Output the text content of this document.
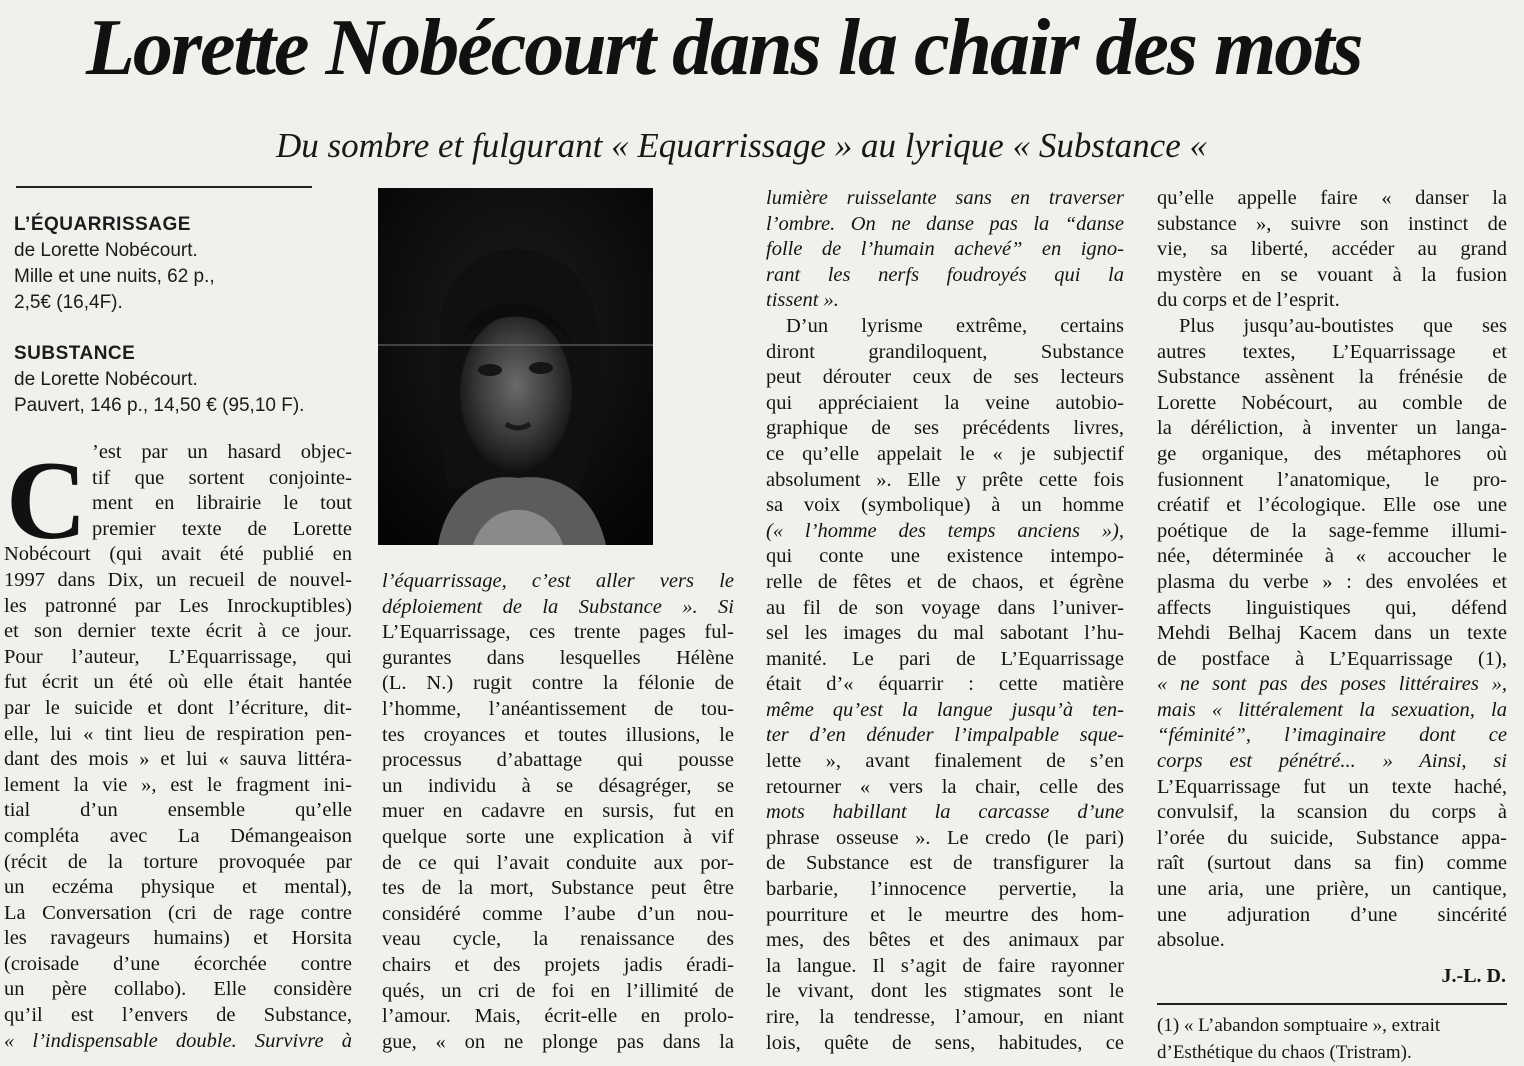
Lorette Nobécourt dans la chair des mots
Du sombre et fulgurant « Equarrissage » au lyrique « Substance «
L’ÉQUARRISSAGE
de Lorette Nobécourt.
Mille et une nuits, 62 p.,
2,5€ (16,4F).
SUBSTANCE
de Lorette Nobécourt.
Pauvert, 146 p., 14,50 € (95,10 F).
C ’est par un hasard objec-

tif que sortent conjointe-

ment en librairie le tout

premier texte de Lorette

Nobécourt (qui avait été publié en

1997 dans Dix, un recueil de nouvel-

les patronné par Les Inrockuptibles)

et son dernier texte écrit à ce jour.

Pour l’auteur, L’Equarrissage, qui

fut écrit un été où elle était hantée

par le suicide et dont l’écriture, dit-

elle, lui « tint lieu de respiration pen-

dant des mois » et lui « sauva littéra-

lement la vie », est le fragment ini-

tial d’un ensemble qu’elle

compléta avec La Démangeaison

(récit de la torture provoquée par

un eczéma physique et mental),

La Conversation (cri de rage contre

les ravageurs humains) et Horsita

(croisade d’une écorchée contre

un père collabo). Elle considère

qu’il est l’envers de Substance,

« l’indispensable double. Survivre à

l’équarrissage, c’est aller vers le

déploiement de la Substance ». Si

L’Equarrissage, ces trente pages ful-

gurantes dans lesquelles Hélène

(L. N.) rugit contre la félonie de

l’homme, l’anéantissement de tou-

tes croyances et toutes illusions, le

processus d’abattage qui pousse

un individu à se désagréger, se

muer en cadavre en sursis, fut en

quelque sorte une explication à vif

de ce qui l’avait conduite aux por-

tes de la mort, Substance peut être

considéré comme l’aube d’un nou-

veau cycle, la renaissance des

chairs et des projets jadis éradi-

qués, un cri de foi en l’illimité de

l’amour. Mais, écrit-elle en prolo-

gue, « on ne plonge pas dans la

lumière ruisselante sans en traverser

l’ombre. On ne danse pas la “danse

folle de l’humain achevé” en igno-

rant les nerfs foudroyés qui la

tissent ».

D’un lyrisme extrême, certains

diront grandiloquent, Substance

peut dérouter ceux de ses lecteurs

qui appréciaient la veine autobio-

graphique de ses précédents livres,

ce qu’elle appelait le « je subjectif

absolument ». Elle y prête cette fois

sa voix (symbolique) à un homme

(« l’homme des temps anciens »),

qui conte une existence intempo-

relle de fêtes et de chaos, et égrène

au fil de son voyage dans l’univer-

sel les images du mal sabotant l’hu-

manité. Le pari de L’Equarrissage

était d’« équarrir : cette matière

même qu’est la langue jusqu’à ten-

ter d’en dénuder l’impalpable sque-

lette », avant finalement de s’en

retourner « vers la chair, celle des

mots habillant la carcasse d’une

phrase osseuse ». Le credo (le pari)

de Substance est de transfigurer la

barbarie, l’innocence pervertie, la

pourriture et le meurtre des hom-

mes, des bêtes et des animaux par

la langue. Il s’agit de faire rayonner

le vivant, dont les stigmates sont le

rire, la tendresse, l’amour, en niant

lois, quête de sens, habitudes, ce

qu’elle appelle faire « danser la

substance », suivre son instinct de

vie, sa liberté, accéder au grand

mystère en se vouant à la fusion

du corps et de l’esprit.

Plus jusqu’au-boutistes que ses

autres textes, L’Equarrissage et

Substance assènent la frénésie de

Lorette Nobécourt, au comble de

la déréliction, à inventer un langa-

ge organique, des métaphores où

fusionnent l’anatomique, le pro-

créatif et l’écologique. Elle ose une

poétique de la sage-femme illumi-

née, déterminée à « accoucher le

plasma du verbe » : des envolées et

affects linguistiques qui, défend

Mehdi Belhaj Kacem dans un texte

de postface à L’Equarrissage (1),

« ne sont pas des poses littéraires »,

mais « littéralement la sexuation, la

“féminité”, l’imaginaire dont ce

corps est pénétré... » Ainsi, si

L’Equarrissage fut un texte haché,

convulsif, la scansion du corps à

l’orée du suicide, Substance appa-

raît (surtout dans sa fin) comme

une aria, une prière, un cantique,

une adjuration d’une sincérité

absolue.

J.-L. D.
(1) « L’abandon somptuaire », extrait
d’Esthétique du chaos (Tristram).
